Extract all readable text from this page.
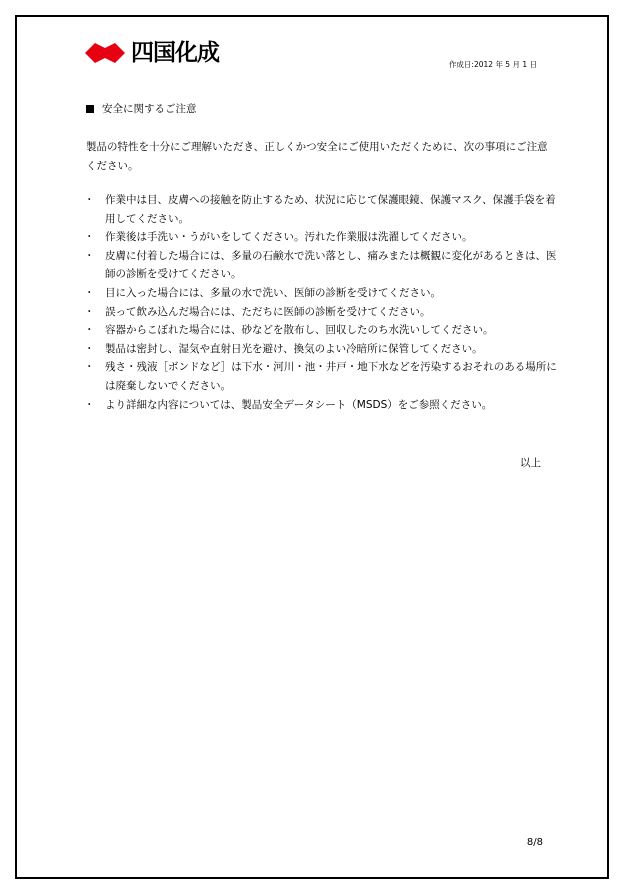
四国化成	作成日:2012 年 5 月 1 日
安全に関するご注意
製品の特性を十分にご理解いただき、正しくかつ安全にご使用いただくために、次の事項にご注意ください。
・ 作業中は目、皮膚への接触を防止するため、状況に応じて保護眼鏡、保護マスク、保護手袋を着用してください。
・ 作業後は手洗い・うがいをしてください。汚れた作業服は洗濯してください。
・ 皮膚に付着した場合には、多量の石鹸水で洗い落とし、痛みまたは概観に変化があるときは、医師の診断を受けてください。
・ 目に入った場合には、多量の水で洗い、医師の診断を受けてください。
・ 誤って飲み込んだ場合には、ただちに医師の診断を受けてください。
・ 容器からこぼれた場合には、砂などを散布し、回収したのち水洗いしてください。
・ 製品は密封し、湿気や直射日光を避け、換気のよい冷暗所に保管してください。
・ 残さ・残液［ボンドなど］は下水・河川・池・井戸・地下水などを汚染するおそれのある場所には廃棄しないでください。
・ より詳細な内容については、製品安全データシート（MSDS）をご参照ください。
以上
8/8
